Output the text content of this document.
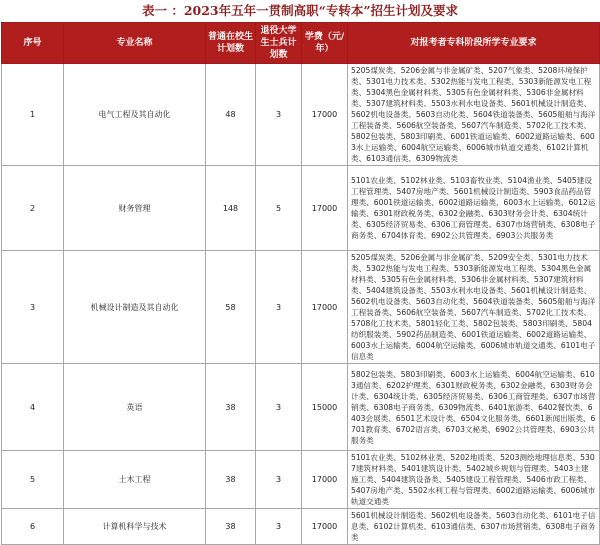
表一 ：2023年五年一贯制高职“专转本”招生计划及要求
序号	专业名称	普通在校生计划数	退役大学生士兵计划数	学费（元/年）	对报考者专科阶段所学专业要求
1	电气工程及其自动化	48	3	17000	5205煤炭类、5206金属与非金属矿类、5207气象类、5208环境保护类、5301电力技术类、5302热能与发电工程类、5303新能源发电工程类、5304黑色金属材料类、5305有色金属材料类、5306非金属材料类、5307建筑材料类、5503水利水电设备类、5601机械设计制造类、5602机电设备类、5603自动化类、5604铁道装备类、5605船舶与海洋工程装备类、5606航空装备类、5607汽车制造类、5702化工技术类、5802包装类、5803印刷类、6001铁道运输类、6002道路运输类、6003水上运输类、6004航空运输类、6006城市轨道交通类、6102计算机类、6103通信类、6309物流类
2	财务管理	148	5	17000	5101农业类、5102林业类、5103畜牧业类、5104渔业类、5405建设工程管理类、5407房地产类、5601机械设计制造类、5903食品药品管理类、6001铁道运输类、6002道路运输类、6003水上运输类、6012运输类、6301财政税务类、6302金融类、6303财务会计类、6304统计类、6305经济贸易类、6306工商管理类、6307市场营销类、6308电子商务类、6704体育类、6902公共管理类、6903公共服务类
3	机械设计制造及其自动化	58	3	17000	5205煤炭类、5206金属与非金属矿类、5209安全类、5301电力技术类、5302热能与发电工程类、5303新能源发电工程类、5304黑色金属材料类、5305有色金属材料类、5306非金属材料类、5307建筑材料类、5404建筑设备类、5503水利水电设备类、5601机械设计制造类、5602机电设备类、5603自动化类、5604铁道装备类、5605船舶与海洋工程装备类、5606航空装备类、5607汽车制造类、5702化工技术类、5708化工技术类、5801轻化工类、5802包装类、5803印刷类、5804纺织服装类、5902药品制造类、6001铁道运输类、6002道路运输类、6003水上运输类、6004航空运输类、6006城市轨道交通类、6101电子信息类
4	英语	38	3	15000	5802包装类、5803印刷类、6003水上运输类、6004航空运输类、6103通信类、6202护理类、6301财政税务类、6302金融类、6303财务会计类、6304统计类、6305经济贸易类、6306工商管理类、6307市场营销类、6308电子商务类、6309物流类、6401旅游类、6402餐饮类、6403会展类、6501艺术设计类、6504文化服务类、6601新闻出版类、6701教育类、6702语言类、6703文秘类、6902公共管理类、6903公共服务类
5	土木工程	38	3	17000	5101农业类、5102林业类、5202地质类、5203测绘地理信息类、5307建筑材料类、5401建筑设计类、5402城乡规划与管理类、5403土建施工类、5404建筑设备类、5405建设工程管理类、5406市政工程类、5407房地产类、5502水利工程与管理类、6002道路运输类、6006城市轨道交通类
6	计算机科学与技术	38	3	17000	5601机械设计制造类、5602机电设备类、5603自动化类、6101电子信息类、6102计算机类、6103通信类、6307市场营销类、6308电子商务类
